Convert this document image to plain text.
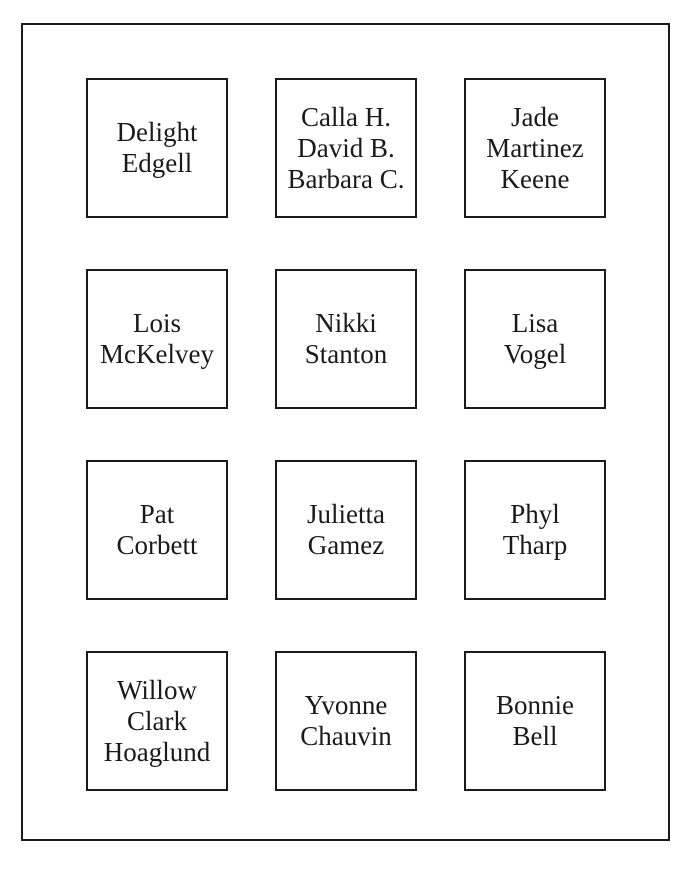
Delight
Edgell
Calla H.
David B.
Barbara C.
Jade
Martinez
Keene
Lois
McKelvey
Nikki
Stanton
Lisa
Vogel
Pat
Corbett
Julietta
Gamez
Phyl
Tharp
Willow
Clark
Hoaglund
Yvonne
Chauvin
Bonnie
Bell
